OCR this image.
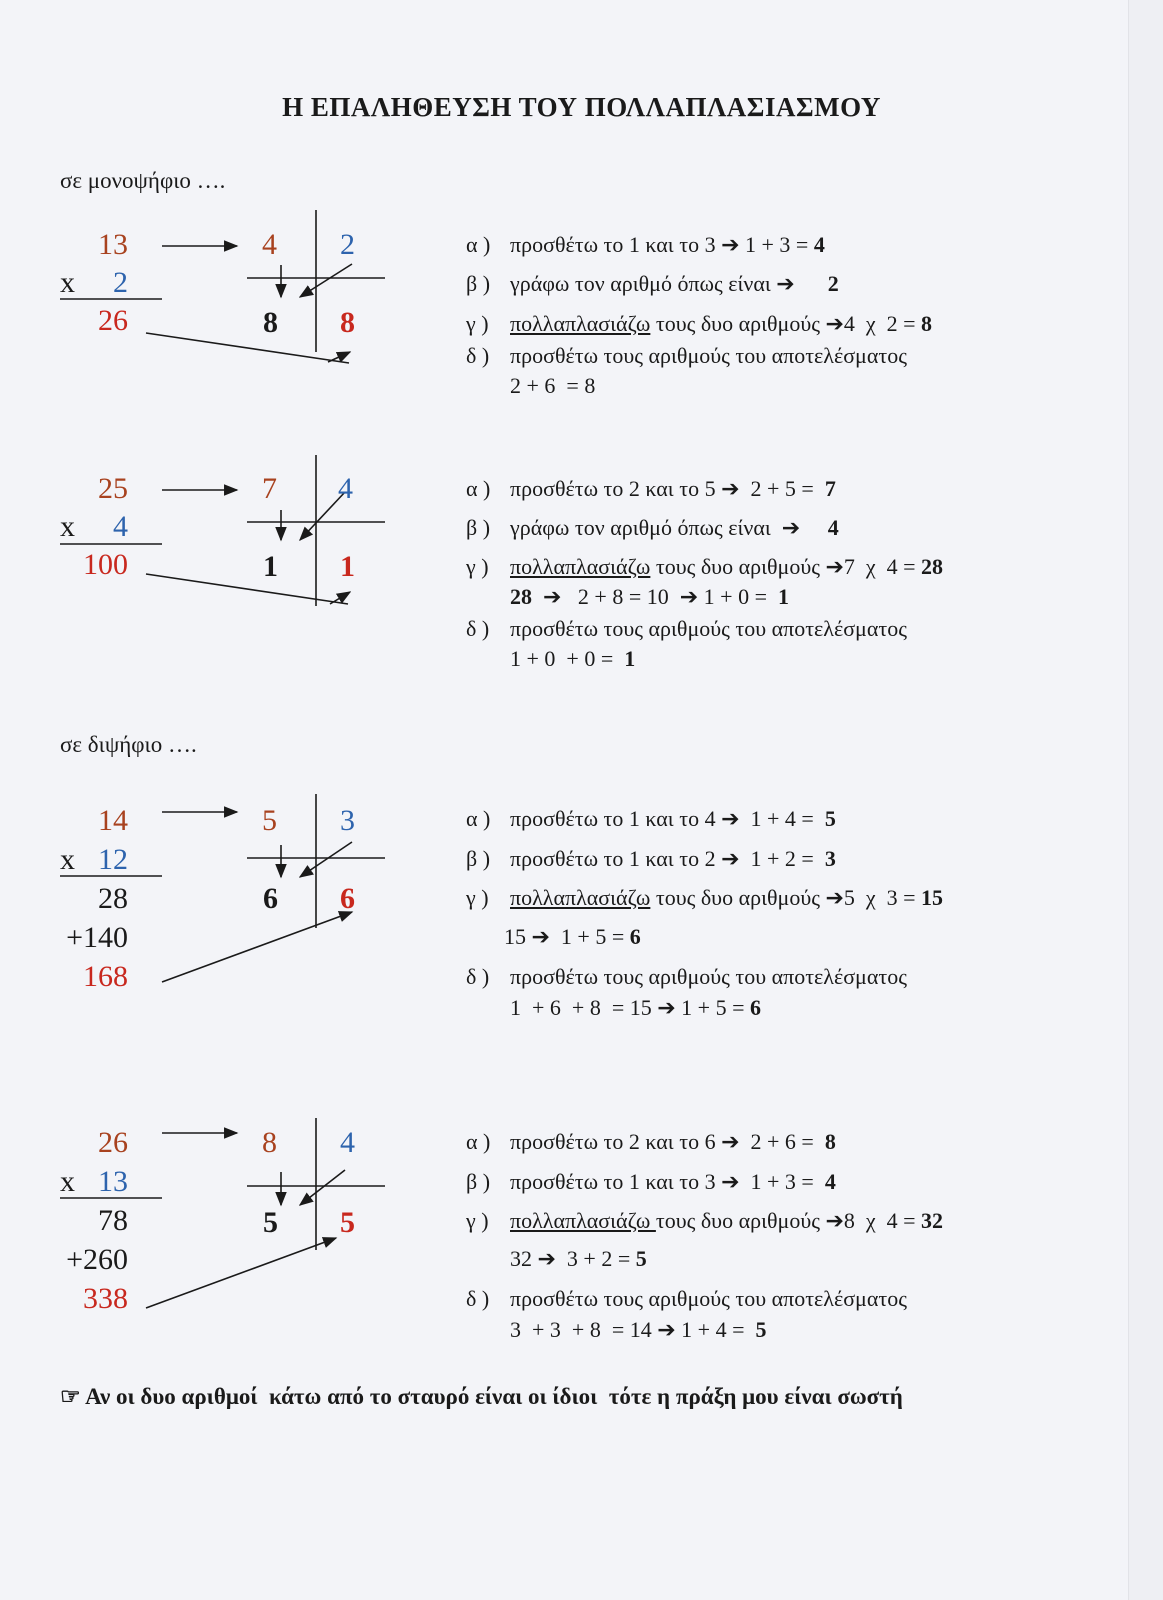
Η ΕΠΑΛΗΘΕΥΣΗ ΤΟΥ ΠΟΛΛΑΠΛΑΣΙΑΣΜΟΥ
σε μονοψήφιο ….
σε διψήφιο ….
13
x	2
26
4 2
8 8
α ) προσθέτω το 1 και το 3 ➔ 1 + 3 = 4
β ) γράφω τον αριθμό όπως είναι ➔      2
γ ) πολλαπλασιάζω τους δυο αριθμούς ➔4  χ  2 = 8
δ ) προσθέτω τους αριθμούς του αποτελέσματος
2 + 6  = 8
25
x	4
100
7 4
1 1
α ) προσθέτω το 2 και το 5 ➔  2 + 5 =  7
β ) γράφω τον αριθμό όπως είναι  ➔     4
γ ) πολλαπλασιάζω τους δυο αριθμούς ➔7  χ  4 = 28
28  ➔   2 + 8 = 10  ➔ 1 + 0 =  1
δ ) προσθέτω τους αριθμούς του αποτελέσματος
1 + 0  + 0 =  1
14
x 12
28
+140
168
5 3
6 6
α ) προσθέτω το 1 και το 4 ➔  1 + 4 =  5
β ) προσθέτω το 1 και το 2 ➔  1 + 2 =  3
γ ) πολλαπλασιάζω τους δυο αριθμούς ➔5  χ  3 = 15
15 ➔  1 + 5 = 6
δ ) προσθέτω τους αριθμούς του αποτελέσματος
1  + 6  + 8  = 15 ➔ 1 + 5 = 6
26
x 13
78
+260
338
8 4
5 5
α ) προσθέτω το 2 και το 6 ➔  2 + 6 =  8
β ) προσθέτω το 1 και το 3 ➔  1 + 3 =  4
γ ) πολλαπλασιάζω τους δυο αριθμούς ➔8  χ  4 = 32
32 ➔  3 + 2 = 5
δ ) προσθέτω τους αριθμούς του αποτελέσματος
3  + 3  + 8  = 14 ➔ 1 + 4 =  5
☞ Αν οι δυο αριθμοί  κάτω από το σταυρό είναι οι ίδιοι  τότε η πράξη μου είναι σωστή
